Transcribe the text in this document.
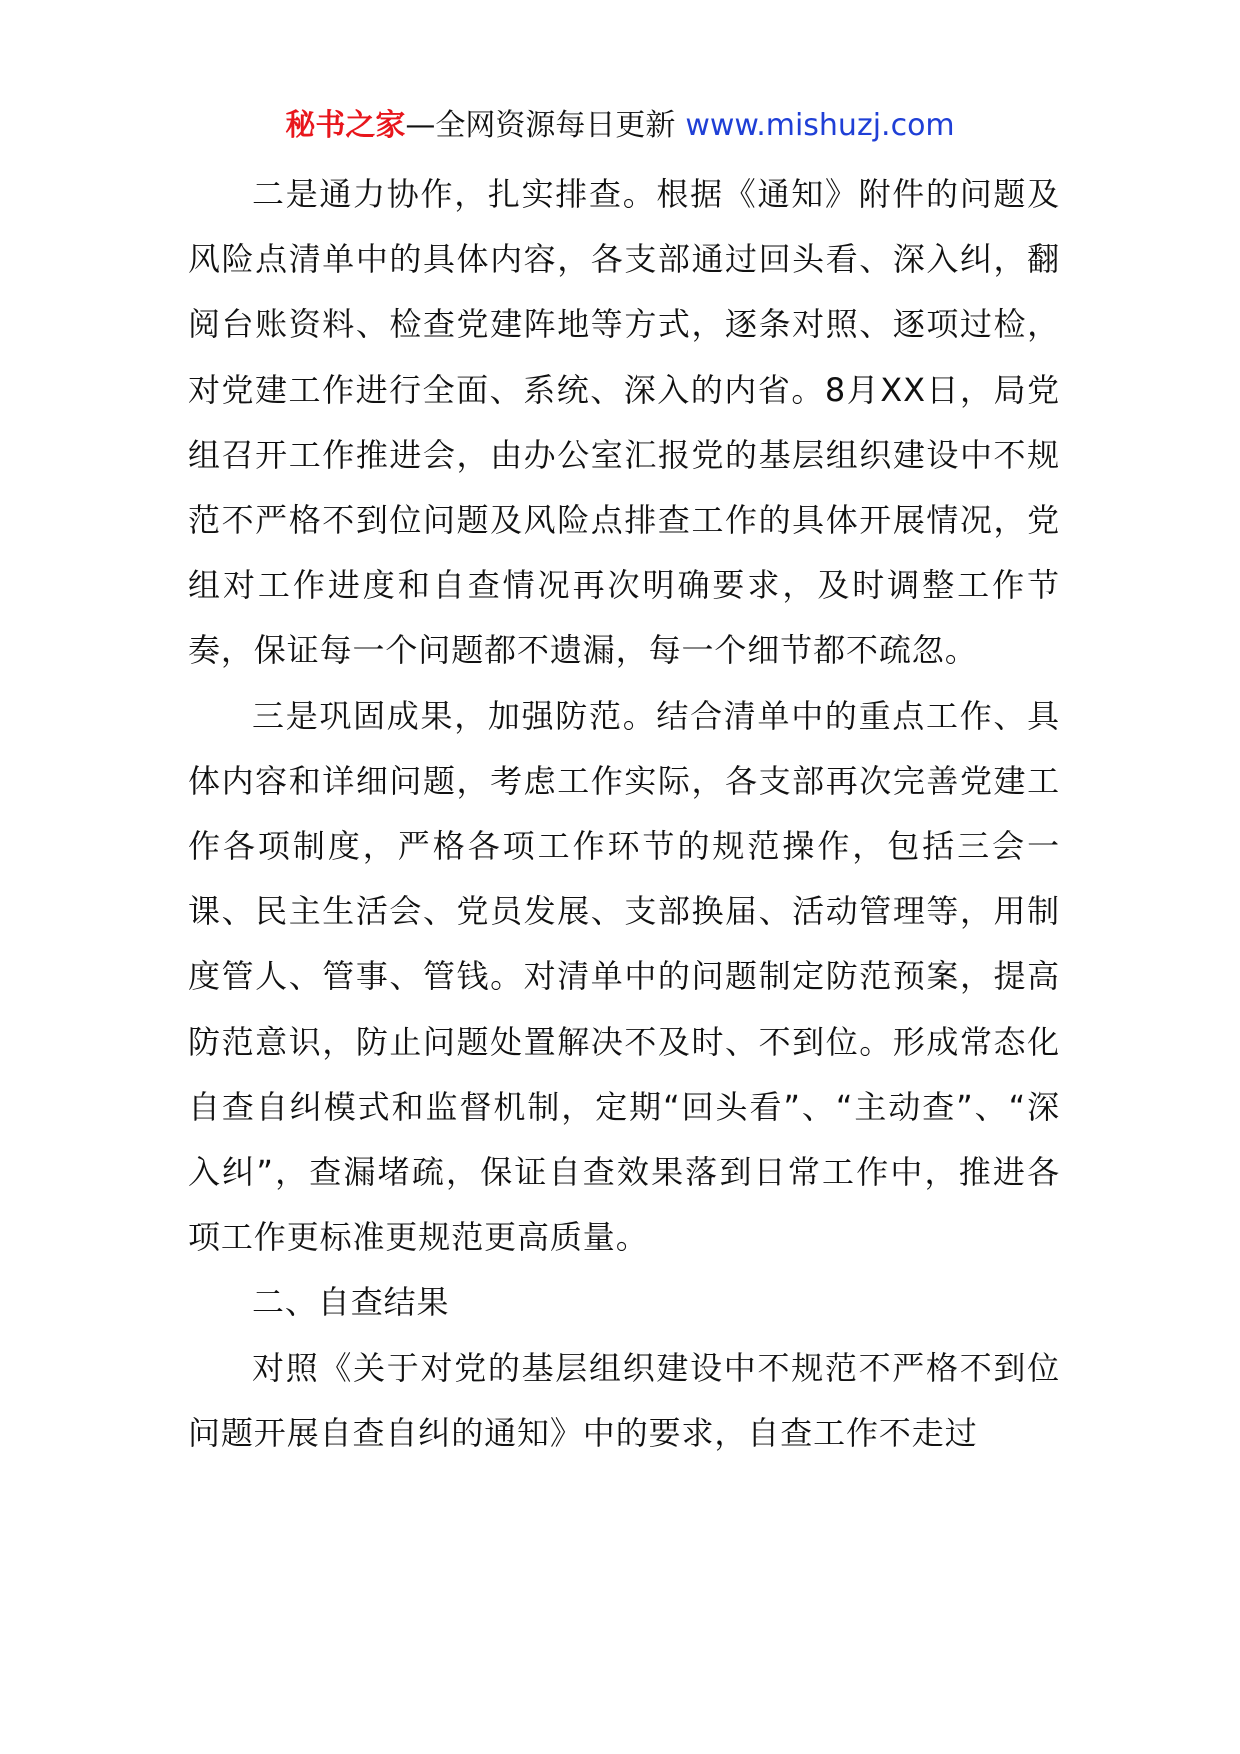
秘书之家—全网资源每日更新 www.mishuzj.com

二是通力协作，扎实排查。根据《通知》附件的问题及风险点清单中的具体内容，各支部通过回头看、深入纠，翻阅台账资料、检查党建阵地等方式，逐条对照、逐项过检，对党建工作进行全面、系统、深入的内省。8月XX日，局党组召开工作推进会，由办公室汇报党的基层组织建设中不规范不严格不到位问题及风险点排查工作的具体开展情况，党组对工作进度和自查情况再次明确要求，及时调整工作节奏，保证每一个问题都不遗漏，每一个细节都不疏忽。

三是巩固成果，加强防范。结合清单中的重点工作、具体内容和详细问题，考虑工作实际，各支部再次完善党建工作各项制度，严格各项工作环节的规范操作，包括三会一课、民主生活会、党员发展、支部换届、活动管理等，用制度管人、管事、管钱。对清单中的问题制定防范预案，提高防范意识，防止问题处置解决不及时、不到位。形成常态化自查自纠模式和监督机制，定期“回头看”、“主动查”、“深入纠”，查漏堵疏，保证自查效果落到日常工作中，推进各项工作更标准更规范更高质量。

二、自查结果

对照《关于对党的基层组织建设中不规范不严格不到位问题开展自查自纠的通知》中的要求，自查工作不走过
